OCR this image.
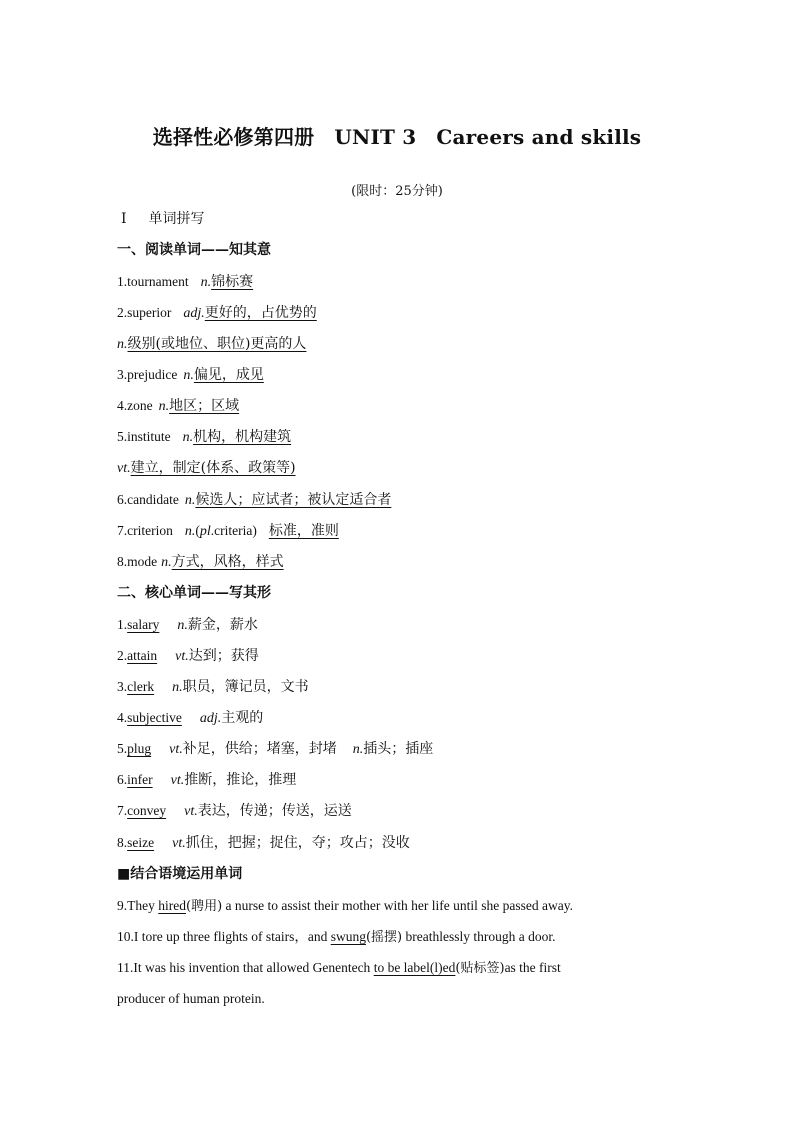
选择性必修第四册 UNIT 3 Careers and skills
(限时：25分钟)
Ⅰ 单词拼写
一、阅读单词——知其意
1.tournament n.锦标赛
2.superior adj.更好的，占优势的
n.级别(或地位、职位)更高的人
3.prejudice n.偏见，成见
4.zone n.地区；区域
5.institute n.机构，机构建筑
vt.建立，制定(体系、政策等)
6.candidate n.候选人；应试者；被认定适合者
7.criterion n.(pl.criteria) 标准，准则
8.mode n.方式，风格，样式
二、核心单词——写其形
1.salary n.薪金，薪水
2.attain vt.达到；获得
3.clerk n.职员，簿记员，文书
4.subjective adj.主观的
5.plug vt.补足，供给；堵塞，封堵 n.插头；插座
6.infer vt.推断，推论，推理
7.convey vt.表达，传递；传送，运送
8.seize vt.抓住，把握；捉住，夺；攻占；没收
■结合语境运用单词
9.They hired(聘用) a nurse to assist their mother with her life until she passed away.
10.I tore up three flights of stairs，and swung(摇摆) breathlessly through a door.
11.It was his invention that allowed Genentech to be label(l)ed(贴标签)as the first
producer of human protein.
